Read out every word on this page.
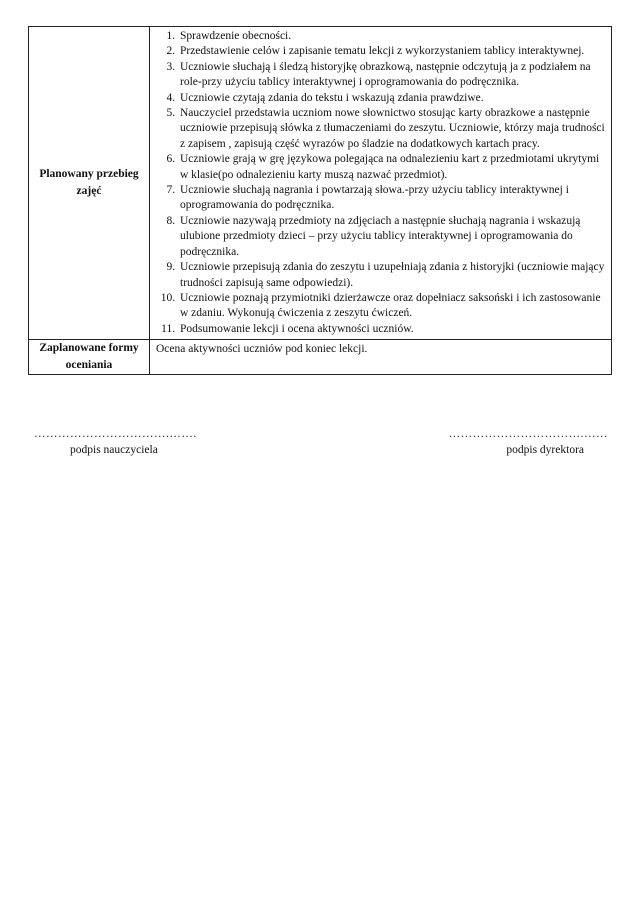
Planowany przebieg zajęć
1. Sprawdzenie obecności.
2. Przedstawienie celów i zapisanie tematu lekcji z wykorzystaniem tablicy interaktywnej.
3. Uczniowie słuchają i śledzą historyjkę obrazkową, następnie odczytują ja z podziałem na role-przy użyciu tablicy interaktywnej i oprogramowania do podręcznika.
4. Uczniowie czytają zdania do tekstu i wskazują zdania prawdziwe.
5. Nauczyciel przedstawia uczniom nowe słownictwo stosując karty obrazkowe a następnie uczniowie przepisują słówka z tłumaczeniami do zeszytu. Uczniowie, którzy maja trudności z zapisem , zapisują część wyrazów po śladzie na dodatkowych kartach pracy.
6. Uczniowie grają w grę językowa polegająca na odnalezieniu kart z przedmiotami ukrytymi w klasie(po odnalezieniu karty muszą nazwać przedmiot).
7. Uczniowie słuchają nagrania i powtarzają słowa.-przy użyciu tablicy interaktywnej i oprogramowania do podręcznika.
8. Uczniowie nazywają przedmioty na zdjęciach a następnie słuchają nagrania i wskazują ulubione przedmioty dzieci – przy użyciu tablicy interaktywnej i oprogramowania do podręcznika.
9. Uczniowie przepisują zdania do zeszytu i uzupełniają zdania z historyjki (uczniowie mający trudności zapisują same odpowiedzi).
10. Uczniowie poznają przymiotniki dzierżawcze oraz dopełniacz saksoński i ich zastosowanie w zdaniu. Wykonują ćwiczenia z zeszytu ćwiczeń.
11. Podsumowanie lekcji i ocena aktywności uczniów.
Zaplanowane formy oceniania
Ocena aktywności uczniów pod koniec lekcji.
…………………………….…….	…………………………….……
podpis nauczyciela	podpis dyrektora
